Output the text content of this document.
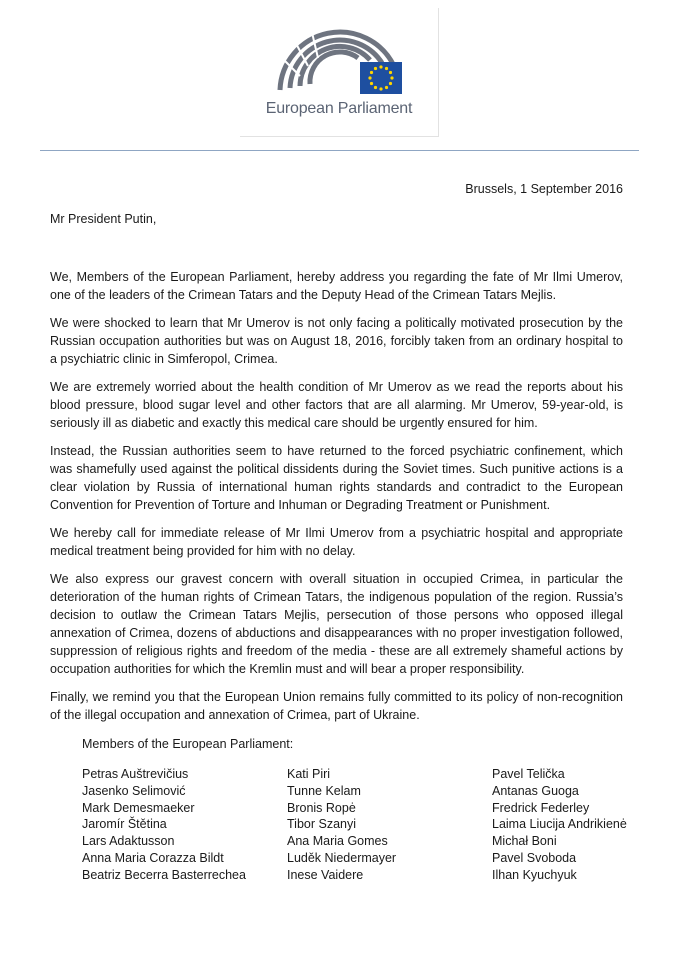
European Parliament
Brussels, 1 September 2016
Mr President Putin,

We, Members of the European Parliament, hereby address you regarding the fate of Mr Ilmi Umerov, one of the leaders of the Crimean Tatars and the Deputy Head of the Crimean Tatars Mejlis.

We were shocked to learn that Mr Umerov is not only facing a politically motivated prosecution by the Russian occupation authorities but was on August 18, 2016, forcibly taken from an ordinary hospital to a psychiatric clinic in Simferopol, Crimea.

We are extremely worried about the health condition of Mr Umerov as we read the reports about his blood pressure, blood sugar level and other factors that are all alarming. Mr Umerov, 59-year-old, is seriously ill as diabetic and exactly this medical care should be urgently ensured for him.

Instead, the Russian authorities seem to have returned to the forced psychiatric confinement, which was shamefully used against the political dissidents during the Soviet times. Such punitive actions is a clear violation by Russia of international human rights standards and contradict to the European Convention for Prevention of Torture and Inhuman or Degrading Treatment or Punishment.

We hereby call for immediate release of Mr Ilmi Umerov from a psychiatric hospital and appropriate medical treatment being provided for him with no delay.

We also express our gravest concern with overall situation in occupied Crimea, in particular the deterioration of the human rights of Crimean Tatars, the indigenous population of the region. Russia’s decision to outlaw the Crimean Tatars Mejlis, persecution of those persons who opposed illegal annexation of Crimea, dozens of abductions and disappearances with no proper investigation followed, suppression of religious rights and freedom of the media - these are all extremely shameful actions by occupation authorities for which the Kremlin must and will bear a proper responsibility.

Finally, we remind you that the European Union remains fully committed to its policy of non-recognition of the illegal occupation and annexation of Crimea, part of Ukraine.

Members of the European Parliament:
Petras Auštrevičius
Jasenko Selimović
Mark Demesmaeker
Jaromír Štětina
Lars Adaktusson
Anna Maria Corazza Bildt
Beatriz Becerra Basterrechea
Kati Piri
Tunne Kelam
Bronis Ropė
Tibor Szanyi
Ana Maria Gomes
Luděk Niedermayer
Inese Vaidere
Pavel Telička
Antanas Guoga
Fredrick Federley
Laima Liucija Andrikienė
Michał Boni
Pavel Svoboda
Ilhan Kyuchyuk
